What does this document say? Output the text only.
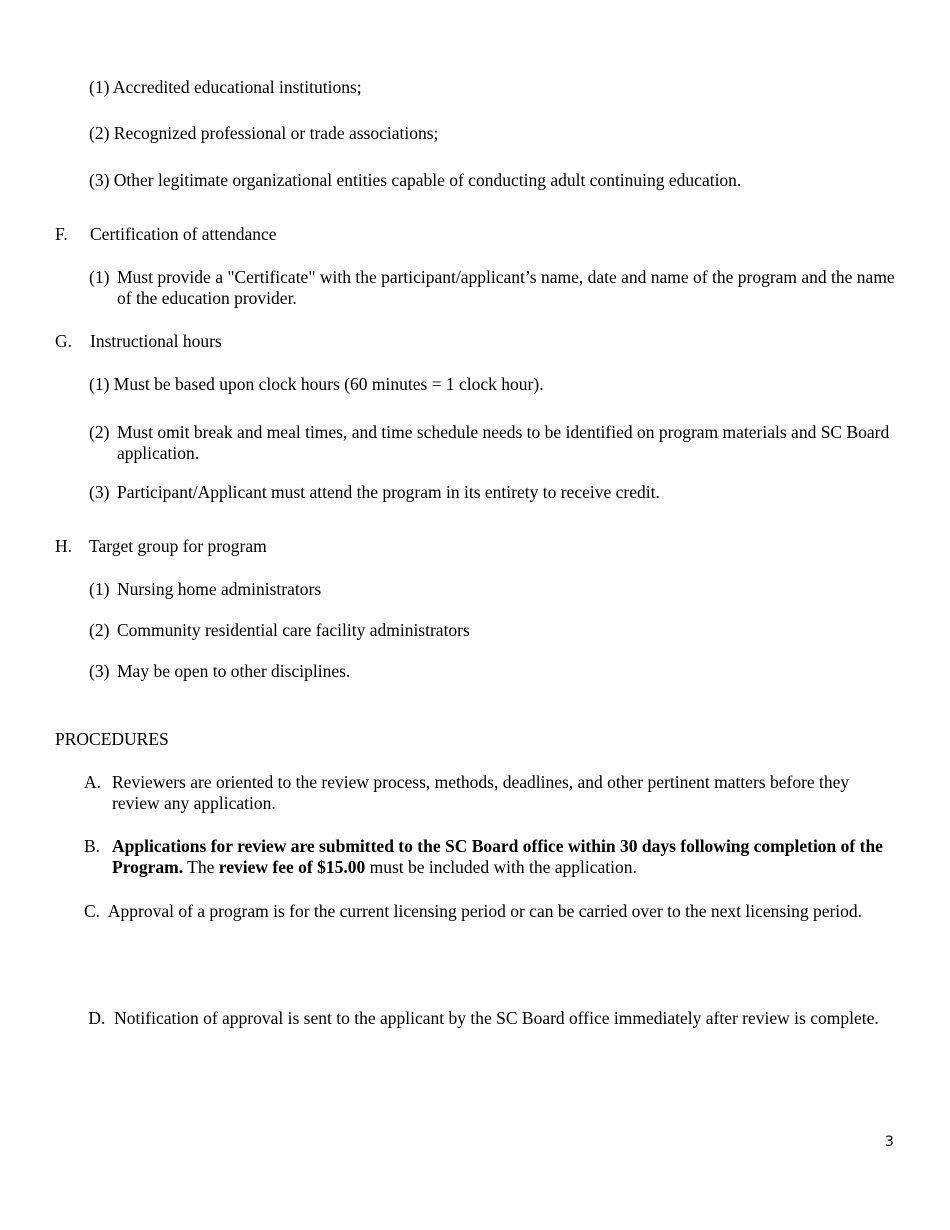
(1) Accredited educational institutions;
(2) Recognized professional or trade associations;
(3) Other legitimate organizational entities capable of conducting adult continuing education.
F. Certification of attendance
(1) Must provide a "Certificate" with the participant/applicant’s name, date and name of the program and the name of the education provider.
G. Instructional hours
(1) Must be based upon clock hours (60 minutes = 1 clock hour).
(2) Must omit break and meal times, and time schedule needs to be identified on program materials and SC Board application.
(3) Participant/Applicant must attend the program in its entirety to receive credit.
H. Target group for program
(1) Nursing home administrators
(2) Community residential care facility administrators
(3) May be open to other disciplines.
PROCEDURES
A. Reviewers are oriented to the review process, methods, deadlines, and other pertinent matters before they review any application.
B. Applications for review are submitted to the SC Board office within 30 days following completion of the Program. The review fee of $15.00 must be included with the application.
C. Approval of a program is for the current licensing period or can be carried over to the next licensing period.
D. Notification of approval is sent to the applicant by the SC Board office immediately after review is complete.
3
